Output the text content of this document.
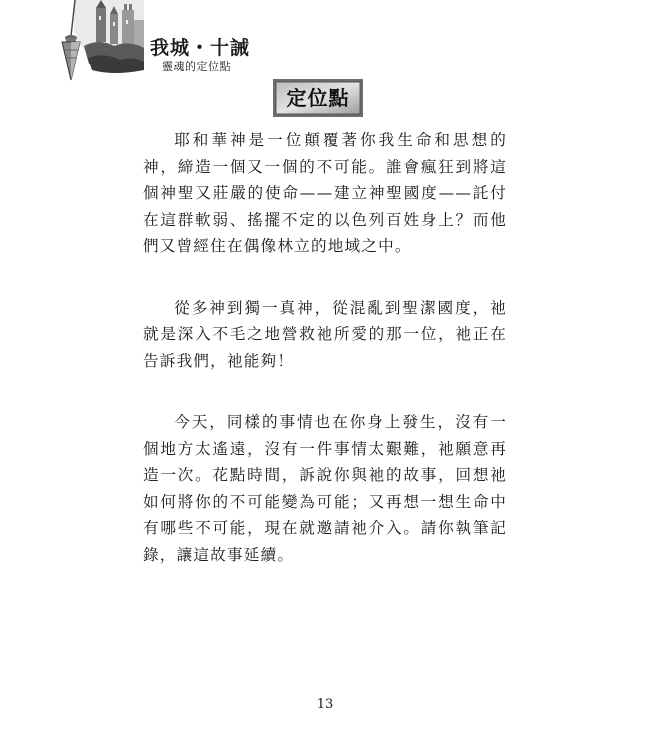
我城・十誡
靈魂的定位點
定位點

耶和華神是一位顛覆著你我生命和思想的神，締造一個又一個的不可能。誰會瘋狂到將這個神聖又莊嚴的使命——建立神聖國度——託付在這群軟弱、搖擺不定的以色列百姓身上？而他們又曾經住在偶像林立的地域之中。

從多神到獨一真神，從混亂到聖潔國度，祂就是深入不毛之地營救祂所愛的那一位，祂正在告訴我們，祂能夠！

今天，同樣的事情也在你身上發生，沒有一個地方太遙遠，沒有一件事情太艱難，祂願意再造一次。花點時間，訴說你與祂的故事，回想祂如何將你的不可能變為可能；又再想一想生命中有哪些不可能，現在就邀請祂介入。請你執筆記錄，讓這故事延續。

13
